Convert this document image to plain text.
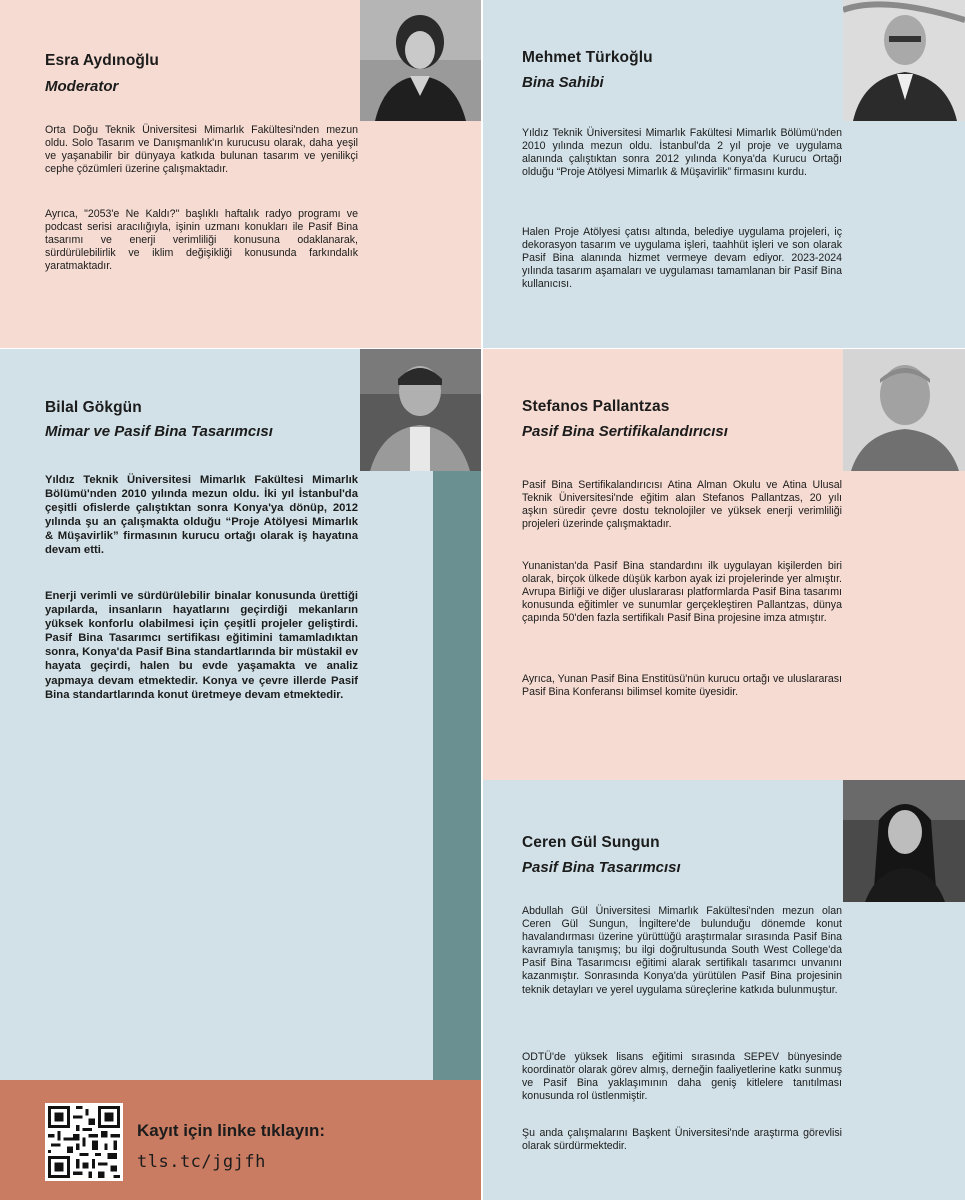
Esra Aydınoğlu
Moderator

Orta Doğu Teknik Üniversitesi Mimarlık Fakültesi'nden mezun oldu. Solo Tasarım ve Danışmanlık'ın kurucusu olarak, daha yeşil ve yaşanabilir bir dünyaya katkıda bulunan tasarım ve yenilikçi cephe çözümleri üzerine çalışmaktadır.

Ayrıca, "2053'e Ne Kaldı?" başlıklı haftalık radyo programı ve podcast serisi aracılığıyla, işinin uzmanı konukları ile Pasif Bina tasarımı ve enerji verimliliği konusuna odaklanarak, sürdürülebilirlik ve iklim değişikliği konusunda farkındalık yaratmaktadır.

Mehmet Türkoğlu
Bina Sahibi

Yıldız Teknik Üniversitesi Mimarlık Fakültesi Mimarlık Bölümü'nden 2010 yılında mezun oldu. İstanbul'da 2 yıl proje ve uygulama alanında çalıştıktan sonra 2012 yılında Konya'da Kurucu Ortağı olduğu “Proje Atölyesi Mimarlık & Müşavirlik” firmasını kurdu.

Halen Proje Atölyesi çatısı altında, belediye uygulama projeleri, iç dekorasyon tasarım ve uygulama işleri, taahhüt işleri ve son olarak Pasif Bina alanında hizmet vermeye devam ediyor. 2023-2024 yılında tasarım aşamaları ve uygulaması tamamlanan bir Pasif Bina kullanıcısı.

Bilal Gökgün
Mimar ve Pasif Bina Tasarımcısı

Yıldız Teknik Üniversitesi Mimarlık Fakültesi Mimarlık Bölümü'nden 2010 yılında mezun oldu. İki yıl İstanbul'da çeşitli ofislerde çalıştıktan sonra Konya'ya dönüp, 2012 yılında şu an çalışmakta olduğu “Proje Atölyesi Mimarlık & Müşavirlik” firmasının kurucu ortağı olarak iş hayatına devam etti.

Enerji verimli ve sürdürülebilir binalar konusunda ürettiği yapılarda, insanların hayatlarını geçirdiği mekanların yüksek konforlu olabilmesi için çeşitli projeler geliştirdi. Pasif Bina Tasarımcı sertifikası eğitimini tamamladıktan sonra, Konya'da Pasif Bina standartlarında bir müstakil ev hayata geçirdi, halen bu evde yaşamakta ve analiz yapmaya devam etmektedir. Konya ve çevre illerde Pasif Bina standartlarında konut üretmeye devam etmektedir.

Stefanos Pallantzas
Pasif Bina Sertifikalandırıcısı

Pasif Bina Sertifikalandırıcısı Atina Alman Okulu ve Atina Ulusal Teknik Üniversitesi'nde eğitim alan Stefanos Pallantzas, 20 yılı aşkın süredir çevre dostu teknolojiler ve yüksek enerji verimliliği projeleri üzerinde çalışmaktadır.

Yunanistan'da Pasif Bina standardını ilk uygulayan kişilerden biri olarak, birçok ülkede düşük karbon ayak izi projelerinde yer almıştır. Avrupa Birliği ve diğer uluslararası platformlarda Pasif Bina tasarımı konusunda eğitimler ve sunumlar gerçekleştiren Pallantzas, dünya çapında 50'den fazla sertifikalı Pasif Bina projesine imza atmıştır.

Ayrıca, Yunan Pasif Bina Enstitüsü'nün kurucu ortağı ve uluslararası Pasif Bina Konferansı bilimsel komite üyesidir.

Ceren Gül Sungun
Pasif Bina Tasarımcısı

Abdullah Gül Üniversitesi Mimarlık Fakültesi'nden mezun olan Ceren Gül Sungun, İngiltere'de bulunduğu dönemde konut havalandırması üzerine yürüttüğü araştırmalar sırasında Pasif Bina kavramıyla tanışmış; bu ilgi doğrultusunda South West College'da Pasif Bina Tasarımcısı eğitimi alarak sertifikalı tasarımcı unvanını kazanmıştır. Sonrasında Konya'da yürütülen Pasif Bina projesinin teknik detayları ve yerel uygulama süreçlerine katkıda bulunmuştur.

ODTÜ'de yüksek lisans eğitimi sırasında SEPEV bünyesinde koordinatör olarak görev almış, derneğin faaliyetlerine katkı sunmuş ve Pasif Bina yaklaşımının daha geniş kitlelere tanıtılması konusunda rol üstlenmiştir.

Şu anda çalışmalarını Başkent Üniversitesi'nde araştırma görevlisi olarak sürdürmektedir.

Kayıt için linke tıklayın:
tls.tc/jgjfh
